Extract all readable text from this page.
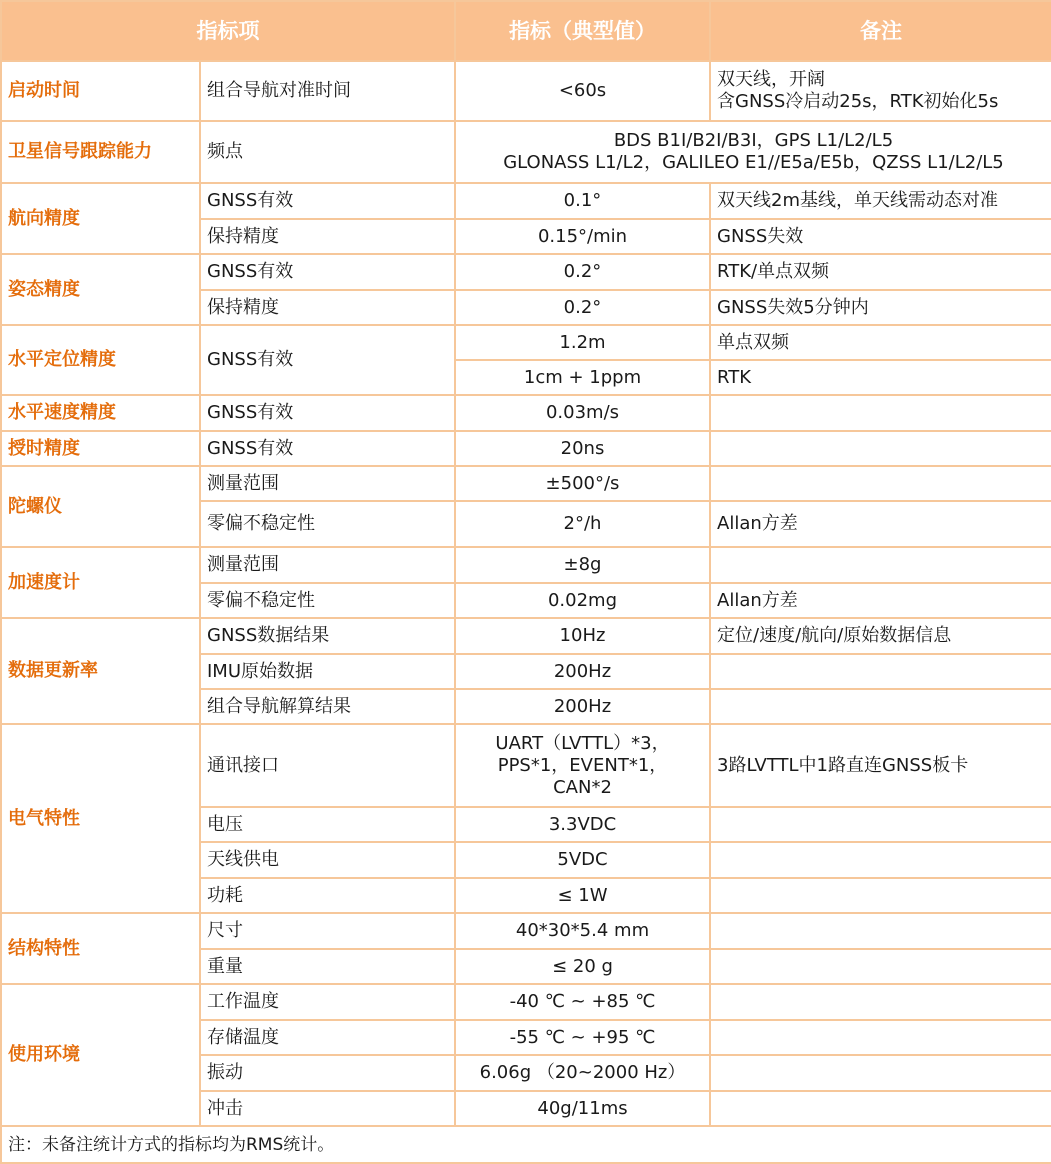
指标项		指标（典型值）	备注
启动时间	组合导航对准时间	<60s	双天线，开阔
含GNSS冷启动25s，RTK初始化5s

卫星信号跟踪能力	频点	BDS B1I/B2I/B3I，GPS L1/L2/L5
GLONASS L1/L2，GALILEO E1//E5a/E5b，QZSS L1/L2/L5	

航向精度	GNSS有效	0.1°	双天线2m基线，单天线需动态对准
	保持精度	0.15°/min	GNSS失效
姿态精度	GNSS有效	0.2°	RTK/单点双频
	保持精度	0.2°	GNSS失效5分钟内
水平定位精度	GNSS有效	1.2m	单点双频
		1cm + 1ppm	RTK
水平速度精度	GNSS有效	0.03m/s	
授时精度	GNSS有效	20ns	
陀螺仪	测量范围	±500°/s	
	零偏不稳定性	2°/h	Allan方差
加速度计	测量范围	±8g	
	零偏不稳定性	0.02mg	Allan方差
数据更新率	GNSS数据结果	10Hz	定位/速度/航向/原始数据信息
	IMU原始数据	200Hz	
	组合导航解算结果	200Hz	
电气特性	通讯接口	UART（LVTTL）*3，
PPS*1，EVENT*1，
CAN*2	3路LVTTL中1路直连GNSS板卡
	电压	3.3VDC	
	天线供电	5VDC	
	功耗	≤ 1W	
结构特性	尺寸	40*30*5.4 mm	
	重量	≤ 20 g	
使用环境	工作温度	-40 ℃ ~ +85 ℃	
	存储温度	-55 ℃ ~ +95 ℃	
	振动	6.06g （20~2000 Hz）	
	冲击	40g/11ms	
注：未备注统计方式的指标均为RMS统计。			
